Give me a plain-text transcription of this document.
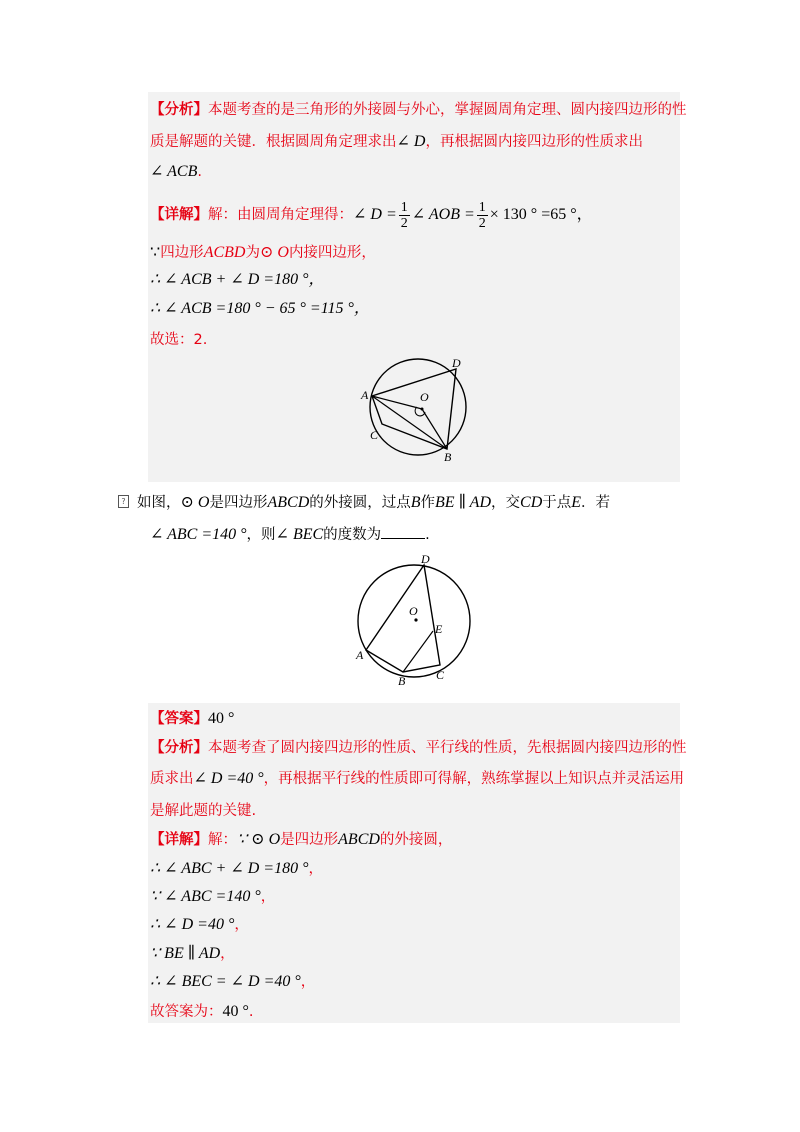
【分析】本题考查的是三角形的外接圆与外心，掌握圆周角定理、圆内接四边形的性
质是解题的关键．根据圆周角定理求出∠ D，再根据圆内接四边形的性质求出
∠ ACB.
【详解】解：由圆周角定理得：∠ $D = \frac{1}{2}$ ∠ AOB = $\frac{1}{2} \times 130$ ° =65 °，
∵四边形ACBD为⊙ O内接四边形，
∴ ∠ ACB + ∠ D =180 °，
∴ ∠ ACB =180 ° − 65 ° =115 °，
故选：2.
D
A	O
C
B
? 如图，⊙ O是四边形ABCD的外接圆，过点B作BE ∥ AD，交CD于点E．若
∠ ABC =140 °，则∠ BEC的度数为	.
D
O
E
A
B	C
【答案】40 °
【分析】本题考查了圆内接四边形的性质、平行线的性质，先根据圆内接四边形的性
质求出∠ D =40 °，再根据平行线的性质即可得解，熟练掌握以上知识点并灵活运用
是解此题的关键.
【详解】解：∵ ⊙ O是四边形ABCD的外接圆，
∴ ∠ ABC + ∠ D =180 °，
∵ ∠ ABC =140 °，
∴ ∠ D =40 °，
∵ BE ∥ AD，
∴ ∠ BEC = ∠ D =40 °，
故答案为：40 °.
